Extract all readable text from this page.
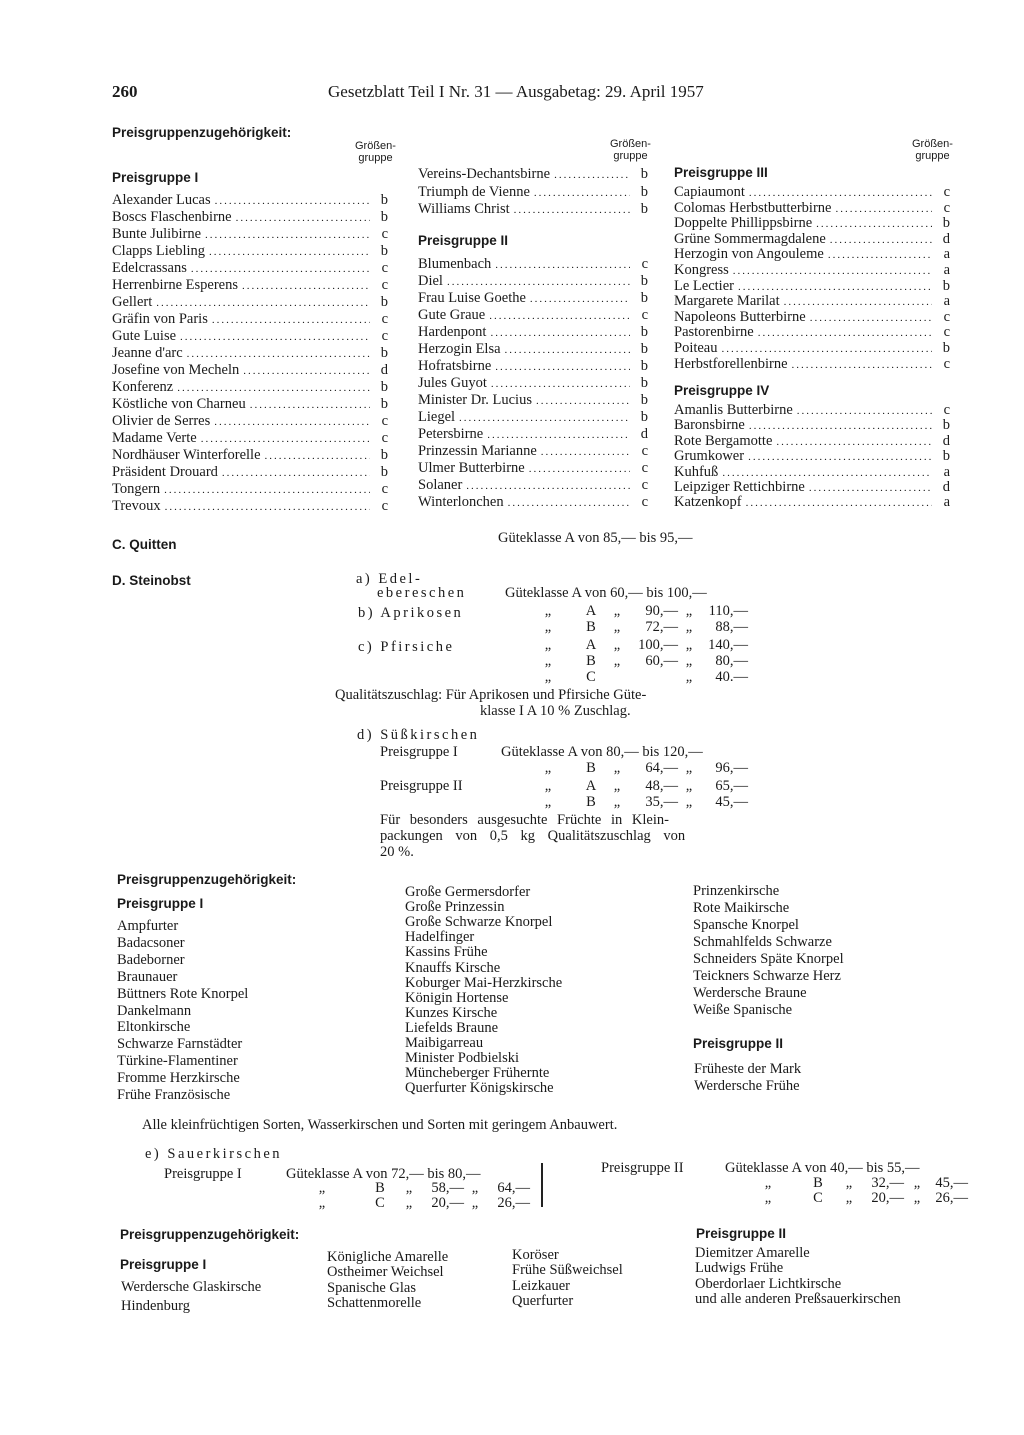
260	Gesetzblatt Teil I Nr. 31 — Ausgabetag: 29. April 1957
Preisgruppenzugehörigkeit:
Größen-
gruppe
Größen-
gruppe
Größen-
gruppe
Preisgruppe I
Preisgruppe II
Preisgruppe III
Preisgruppe IV
Alexander Lucas .....	b
Boscs Flaschenbirne .....	b
Bunte Julibirne .....	c
Clapps Liebling .....	b
Edelcrassans .....	c
Herrenbirne Esperens .....	c
Gellert .....	b
Gräfin von Paris .....	c
Gute Luise .....	c
Jeanne d'arc .....	b
Josefine von Mecheln .....	d
Konferenz .....	b
Köstliche von Charneu .....	b
Olivier de Serres .....	c
Madame Verte .....	c
Nordhäuser Winterforelle .....	b
Präsident Drouard .....	b
Tongern .....	c
Trevoux .....	c
Vereins-Dechantsbirne .....	b
Triumph de Vienne .....	b
Williams Christ .....	b
Blumenbach .....	c
Diel .....	b
Frau Luise Goethe .....	b
Gute Graue .....	c
Hardenpont .....	b
Herzogin Elsa .....	b
Hofratsbirne .....	b
Jules Guyot .....	b
Minister Dr. Lucius .....	b
Liegel .....	b
Petersbirne .....	d
Prinzessin Marianne .....	c
Ulmer Butterbirne .....	c
Solaner .....	c
Winterlonchen .....	c
Capiaumont .....	c
Colomas Herbstbutterbirne .....	c
Doppelte Phillippsbirne .....	b
Grüne Sommermagdalene .....	d
Herzogin von Angouleme .....	a
Kongress .....	a
Le Lectier .....	b
Margarete Marilat .....	a
Napoleons Butterbirne .....	c
Pastorenbirne .....	c
Poiteau .....	b
Herbstforellenbirne .....	c
Amanlis Butterbirne .....	c
Baronsbirne .....	b
Rote Bergamotte .....	d
Grumkower .....	b
Kuhfuß .....	a
Leipziger Rettichbirne .....	d
Katzenkopf .....	a
C. Quitten	Güteklasse A von 85,— bis 95,—
D. Steinobst	a) Edel-
ebereschen	Güteklasse A von 60,— bis 100,—
b) Aprikosen	„	A	„	90,— „	110,—
„	B	„	72,— „	88,—
c) Pfirsiche	„	A	„	100,— „	140,—
„	B	„	60,— „	80,—
„	C	„	40.—
Qualitätszuschlag: Für Aprikosen und Pfirsiche Güte-
klasse I A 10 % Zuschlag.
d) Süßkirschen
Preisgruppe I	Güteklasse A von 80,— bis 120,—
„	B	„	64,— „	96,—
Preisgruppe II	„	A	„	48,— „	65,—
„	B	„	35,— „	45,—
Für besonders ausgesuchte Früchte in Klein-
packungen von 0,5 kg Qualitätszuschlag von
20 %.
Preisgruppenzugehörigkeit:
Preisgruppe I
Ampfurter
Badacsoner
Badeborner
Braunauer
Büttners Rote Knorpel
Dankelmann
Eltonkirsche
Schwarze Farnstädter
Türkine-Flamentiner
Fromme Herzkirsche
Frühe Französische
Große Germersdorfer
Große Prinzessin
Große Schwarze Knorpel
Hadelfinger
Kassins Frühe
Knauffs Kirsche
Koburger Mai-Herzkirsche
Königin Hortense
Kunzes Kirsche
Liefelds Braune
Maibigarreau
Minister Podbielski
Müncheberger Frühernte
Querfurter Königskirsche
Prinzenkirsche
Rote Maikirsche
Spansche Knorpel
Schmahlfelds Schwarze
Schneiders Späte Knorpel
Teickners Schwarze Herz
Werdersche Braune
Weiße Spanische
Preisgruppe II
Früheste der Mark
Werdersche Frühe
Alle kleinfrüchtigen Sorten, Wasserkirschen und Sorten mit geringem Anbauwert.
e) Sauerkirschen
Preisgruppe I	Güteklasse A von 72,— bis 80,—
„	B „	58,— „	64,—
„	C „	20,— „	26,—
Preisgruppe II	Güteklasse A von 40,— bis 55,—
„	B „	32,— „	45,—
„	C „	20,— „	26,—
Preisgruppenzugehörigkeit:
Preisgruppe I
Werdersche Glaskirsche
Hindenburg
Königliche Amarelle
Ostheimer Weichsel
Spanische Glas
Schattenmorelle
Koröser
Frühe Süßweichsel
Leizkauer
Querfurter
Preisgruppe II
Diemitzer Amarelle
Ludwigs Frühe
Oberdorlaer Lichtkirsche
und alle anderen Preßsauerkirschen
